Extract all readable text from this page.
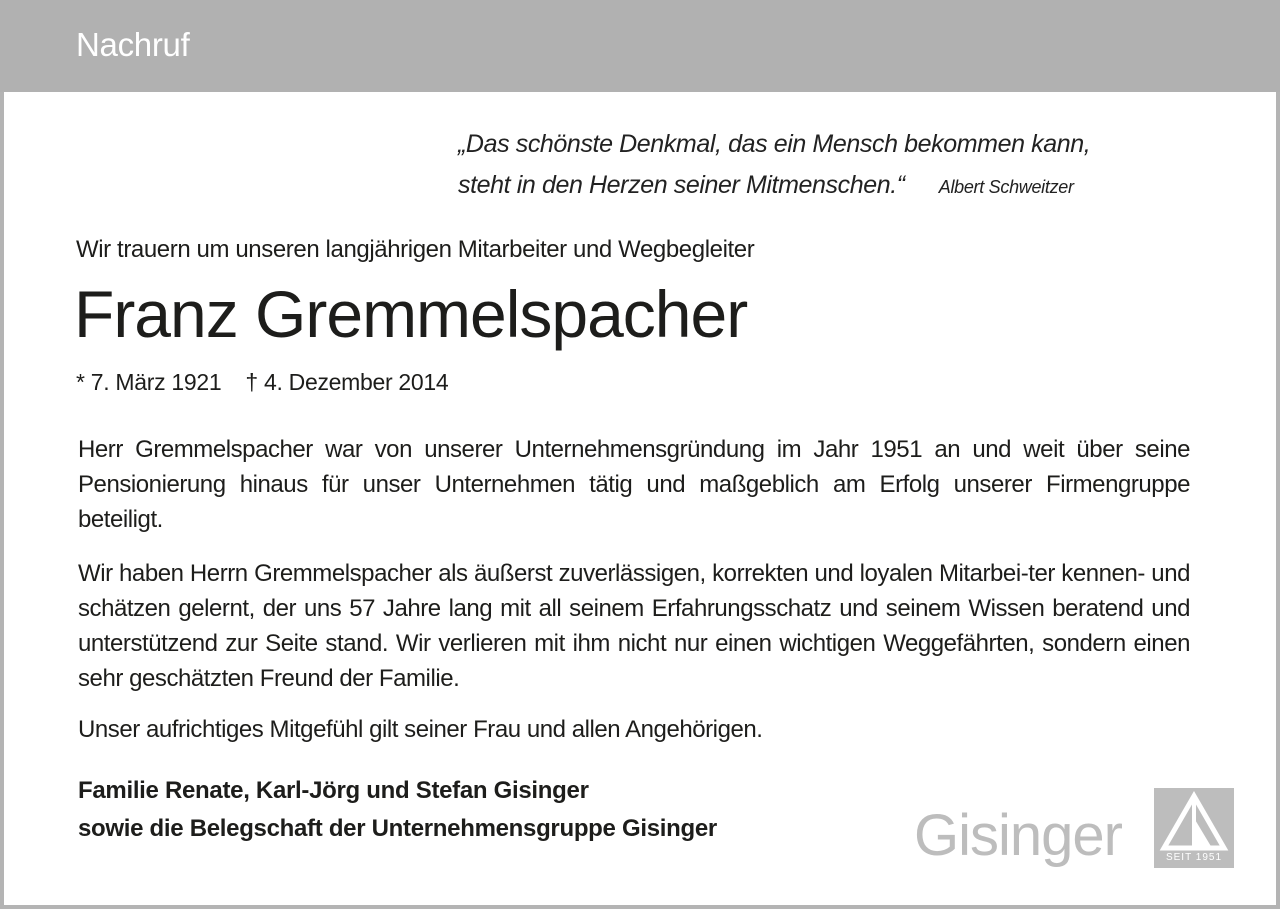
Nachruf
„Das schönste Denkmal, das ein Mensch bekommen kann,
steht in den Herzen seiner Mitmenschen.“ Albert Schweitzer
Wir trauern um unseren langjährigen Mitarbeiter und Wegbegleiter
Franz Gremmelspacher
* 7. März 1921 † 4. Dezember 2014

Herr Gremmelspacher war von unserer Unternehmensgründung im Jahr 1951 an und weit über seine Pensionierung hinaus für unser Unternehmen tätig und maßgeblich am Erfolg unserer Firmengruppe beteiligt.

Wir haben Herrn Gremmelspacher als äußerst zuverlässigen, korrekten und loyalen Mitarbei-ter kennen- und schätzen gelernt, der uns 57 Jahre lang mit all seinem Erfahrungsschatz und seinem Wissen beratend und unterstützend zur Seite stand. Wir verlieren mit ihm nicht nur einen wichtigen Weggefährten, sondern einen sehr geschätzten Freund der Familie.

Unser aufrichtiges Mitgefühl gilt seiner Frau und allen Angehörigen.

Familie Renate, Karl-Jörg und Stefan Gisinger
sowie die Belegschaft der Unternehmensgruppe Gisinger	Gisinger	SEIT 1951
